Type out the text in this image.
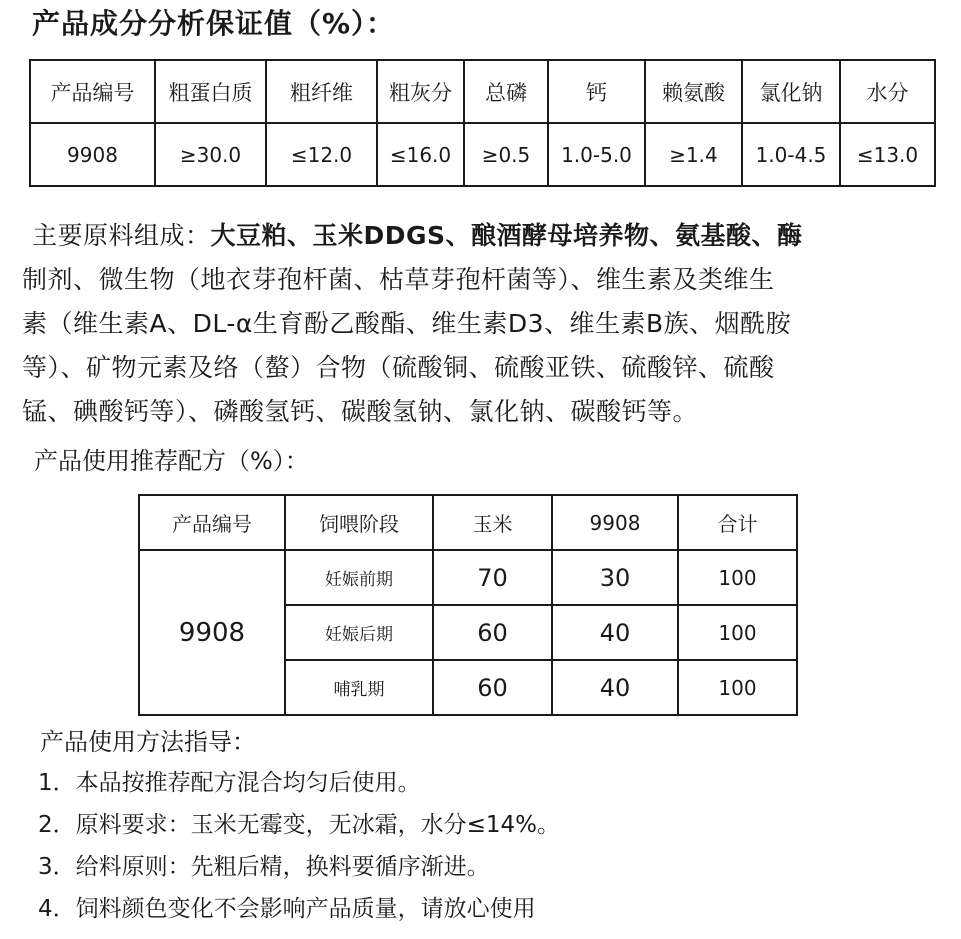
产品成分分析保证值（%）：
产品编号	粗蛋白质	粗纤维	粗灰分	总磷	钙	赖氨酸	氯化钠	水分
9908	≥30.0	≤12.0	≤16.0	≥0.5	1.0-5.0	≥1.4	1.0-4.5	≤13.0
主要原料组成：大豆粕、玉米DDGS、酿酒酵母培养物、氨基酸、酶
制剂、微生物（地衣芽孢杆菌、枯草芽孢杆菌等）、维生素及类维生
素（维生素A、DL-α生育酚乙酸酯、维生素D3、维生素B族、烟酰胺
等）、矿物元素及络（螯）合物（硫酸铜、硫酸亚铁、硫酸锌、硫酸
锰、碘酸钙等）、磷酸氢钙、碳酸氢钠、氯化钠、碳酸钙等。
产品使用推荐配方（%）：
产品编号	饲喂阶段	玉米	9908	合计
9908	妊娠前期	70	30	100
	妊娠后期	60	40	100
	哺乳期	60	40	100
产品使用方法指导：
1．本品按推荐配方混合均匀后使用。
2．原料要求：玉米无霉变，无冰霜，水分≤14%。
3．给料原则：先粗后精，换料要循序渐进。
4．饲料颜色变化不会影响产品质量，请放心使用
